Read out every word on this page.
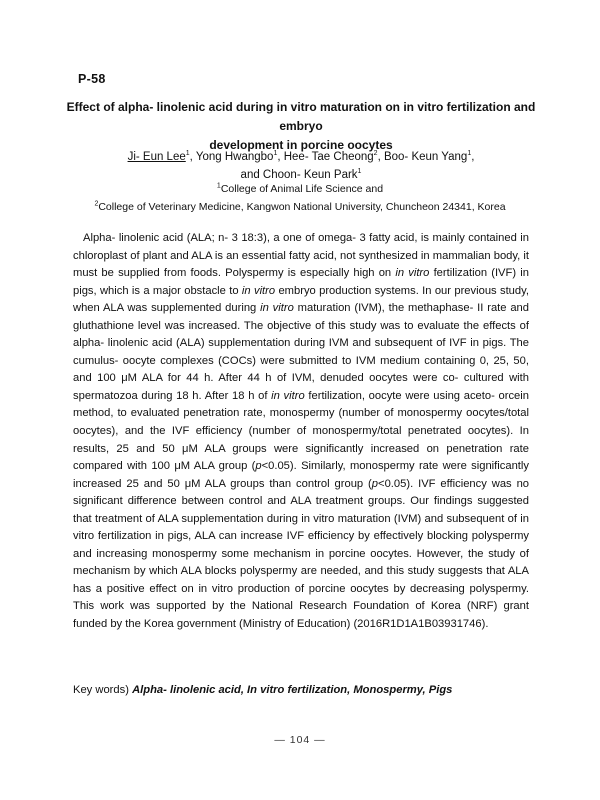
P-58
Effect of alpha- linolenic acid during in vitro maturation on in vitro fertilization and embryo
development in porcine oocytes
Ji- Eun Lee$^1$, Yong Hwangbo$^1$, Hee- Tae Cheong$^2$, Boo- Keun Yang$^1$,
and Choon- Keun Park$^1$
$^1$College of Animal Life Science and
$^2$College of Veterinary Medicine, Kangwon National University, Chuncheon 24341, Korea

Alpha- linolenic acid (ALA; n- 3 18:3), a one of omega- 3 fatty acid, is mainly contained in chloroplast of plant and ALA is an essential fatty acid, not synthesized in mammalian body, it must be supplied from foods. Polyspermy is especially high on in vitro fertilization (IVF) in pigs, which is a major obstacle to in vitro embryo production systems. In our previous study, when ALA was supplemented during in vitro maturation (IVM), the methaphase- II rate and gluthathione level was increased. The objective of this study was to evaluate the effects of alpha- linolenic acid (ALA) supplementation during IVM and subsequent of IVF in pigs. The cumulus- oocyte complexes (COCs) were submitted to IVM medium containing 0, 25, 50, and 100 μM ALA for 44 h. After 44 h of IVM, denuded oocytes were co- cultured with spermatozoa during 18 h. After 18 h of in vitro fertilization, oocyte were using aceto- orcein method, to evaluated penetration rate, monospermy (number of monospermy oocytes/total oocytes), and the IVF efficiency (number of monospermy/total penetrated oocytes). In results, 25 and 50 μM ALA groups were significantly increased on penetration rate compared with 100 μM ALA group (p<0.05). Similarly, monospermy rate were significantly increased 25 and 50 μM ALA groups than control group (p<0.05). IVF efficiency was no significant difference between control and ALA treatment groups. Our findings suggested that treatment of ALA supplementation during in vitro maturation (IVM) and subsequent of in vitro fertilization in pigs, ALA can increase IVF efficiency by effectively blocking polyspermy and increasing monospermy some mechanism in porcine oocytes. However, the study of mechanism by which ALA blocks polyspermy are needed, and this study suggests that ALA has a positive effect on in vitro production of porcine oocytes by decreasing polyspermy. This work was supported by the National Research Foundation of Korea (NRF) grant funded by the Korea government (Ministry of Education) (2016R1D1A1B03931746).

Key words) Alpha- linolenic acid, In vitro fertilization, Monospermy, Pigs
— 104 —
